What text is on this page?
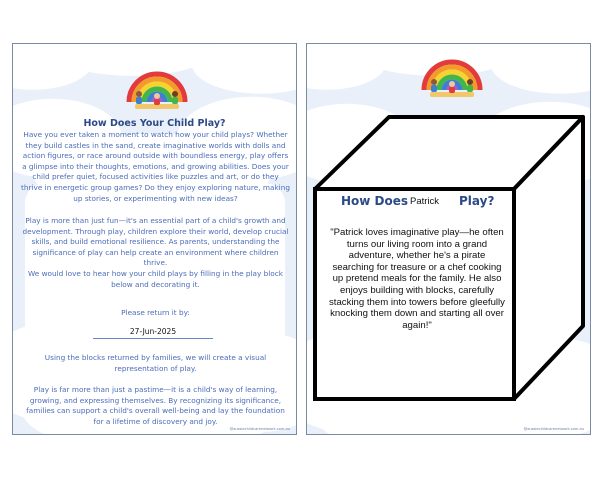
How Does Your Child Play?
Have you ever taken a moment to watch how your child plays? Whether they build castles in the sand, create imaginative worlds with dolls and action figures, or race around outside with boundless energy, play offers a glimpse into their thoughts, emotions, and growing abilities. Does your child prefer quiet, focused activities like puzzles and art, or do they thrive in energetic group games? Do they enjoy exploring nature, making up stories, or experimenting with new ideas?
Play is more than just fun—it's an essential part of a child's growth and development. Through play, children explore their world, develop crucial skills, and build emotional resilience. As parents, understanding the significance of play can help create an environment where children thrive.
We would love to hear how your child plays by filling in the play block below and decorating it.
Please return it by:
27-Jun-2025
Using the blocks returned by families, we will create a visual representation of play.
Play is far more than just a pastime—it is a child's way of learning, growing, and expressing themselves. By recognizing its significance, families can support a child's overall well-being and lay the foundation for a lifetime of discovery and joy.
@aussiechildcarenetwork.com.au
How Does Patrick Play?
"Patrick loves imaginative play—he often turns our living room into a grand adventure, whether he's a pirate searching for treasure or a chef cooking up pretend meals for the family. He also enjoys building with blocks, carefully stacking them into towers before gleefully knocking them down and starting all over again!"
@aussiechildcarenetwork.com.au
